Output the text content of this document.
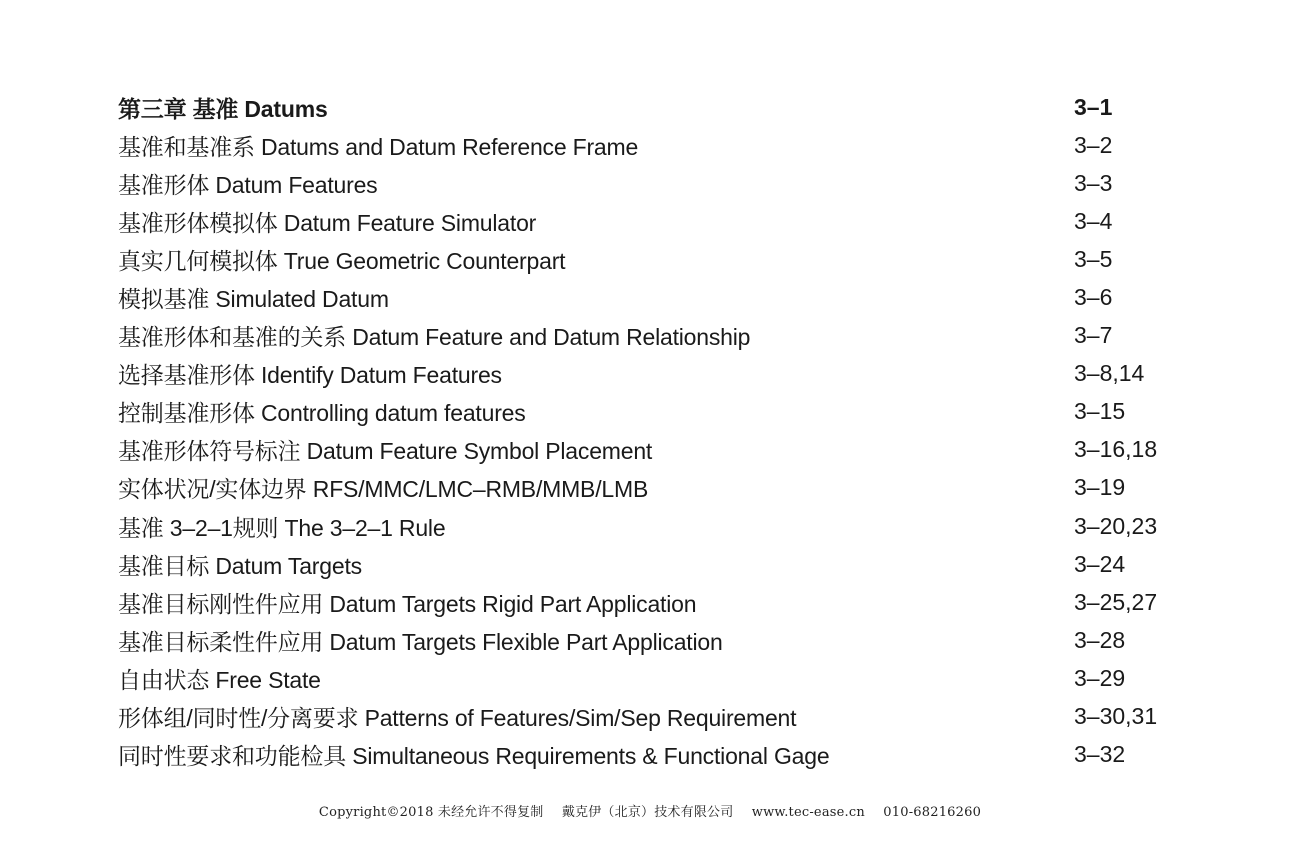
第三章 基准 Datums	3–1
基准和基准系 Datums and Datum Reference Frame	3–2
基准形体 Datum Features	3–3
基准形体模拟体 Datum Feature Simulator	3–4
真实几何模拟体 True Geometric Counterpart	3–5
模拟基准 Simulated Datum	3–6
基准形体和基准的关系 Datum Feature and Datum Relationship	3–7
选择基准形体 Identify Datum Features	3–8,14
控制基准形体 Controlling datum features	3–15
基准形体符号标注 Datum Feature Symbol Placement	3–16,18
实体状况/实体边界 RFS/MMC/LMC–RMB/MMB/LMB	3–19
基准 3–2–1规则 The 3–2–1 Rule	3–20,23
基准目标 Datum Targets	3–24
基准目标刚性件应用 Datum Targets Rigid Part Application	3–25,27
基准目标柔性件应用 Datum Targets Flexible Part Application	3–28
自由状态 Free State	3–29
形体组/同时性/分离要求 Patterns of Features/Sim/Sep Requirement	3–30,31
同时性要求和功能检具 Simultaneous Requirements & Functional Gage	3–32
Copyright©2018 未经允许不得复制 戴克伊（北京）技术有限公司 www.tec-ease.cn 010-68216260
